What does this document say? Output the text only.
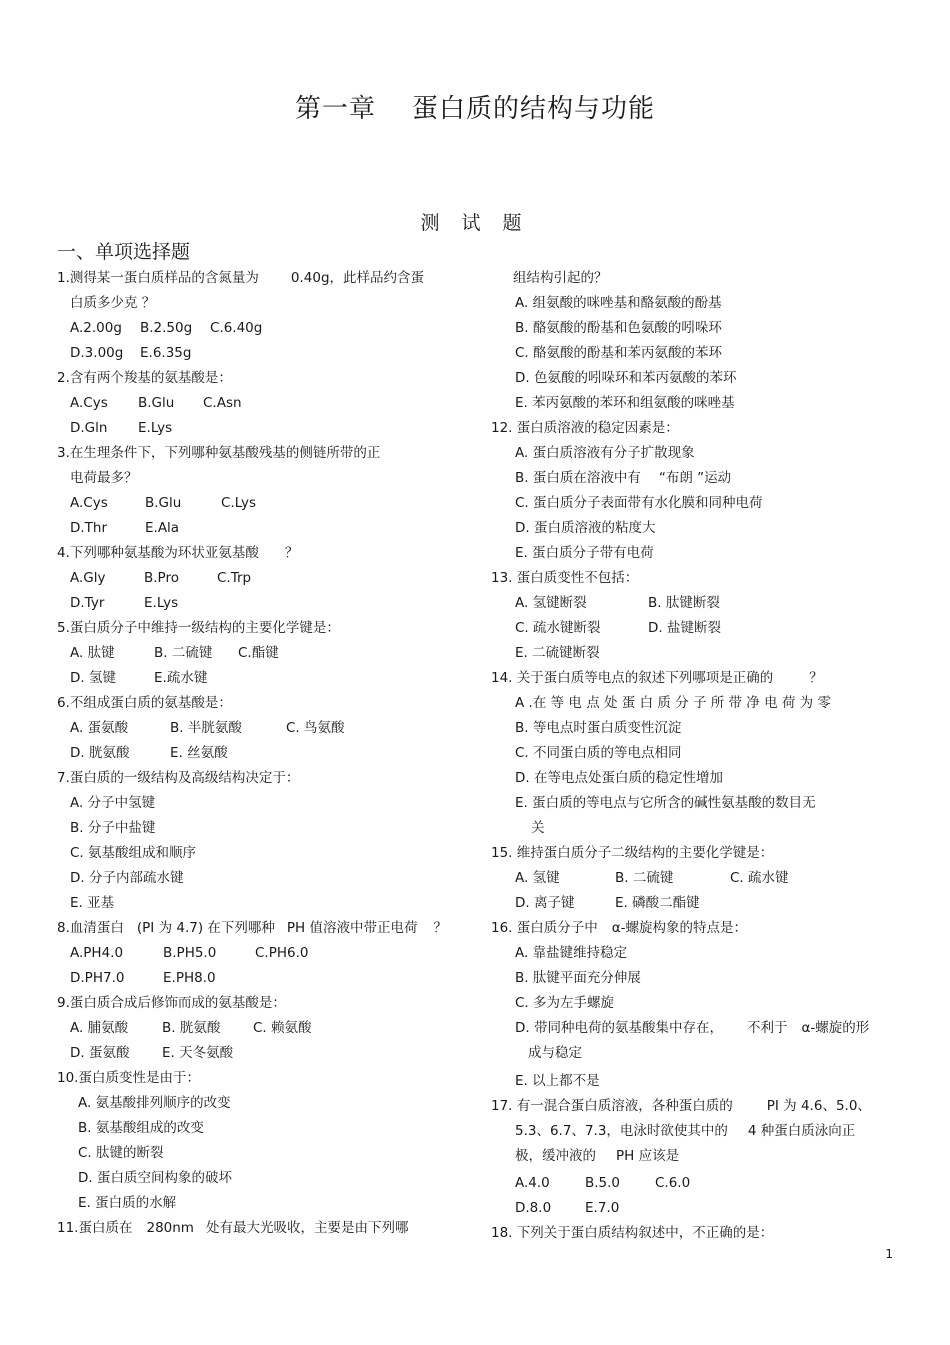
第一章 蛋白质的结构与功能
测 试 题
一、单项选择题
1.测得某一蛋白质样品的含氮量为 0.40g，此样品约含蛋
白质多少克 ？
A.2.00g B.2.50g C.6.40g
D.3.00g E.6.35g
2.含有两个羧基的氨基酸是：
A.Cys B.Glu C.Asn
D.Gln E.Lys
3.在生理条件下，下列哪种氨基酸残基的侧链所带的正
电荷最多？
A.Cys	B.Glu	C.Lys
D.Thr	E.Ala
4.下列哪种氨基酸为环状亚氨基酸 ？
A.Gly	B.Pro	C.Trp
D.Tyr	E.Lys
5.蛋白质分子中维持一级结构的主要化学键是：
A. 肽键	B. 二硫键 C.酯键
D. 氢键	E.疏水键
6.不组成蛋白质的氨基酸是：
A. 蛋氨酸	B. 半胱氨酸	C. 鸟氨酸
D. 胱氨酸	E. 丝氨酸
7.蛋白质的一级结构及高级结构决定于：
A. 分子中氢键
B. 分子中盐键
C. 氨基酸组成和顺序
D. 分子内部疏水键
E. 亚基
8.血清蛋白 (PI 为 4.7) 在下列哪种 PH 值溶液中带正电荷 ？
A.PH4.0	B.PH5.0	C.PH6.0
D.PH7.0	E.PH8.0
9.蛋白质合成后修饰而成的氨基酸是：
A. 脯氨酸	B. 胱氨酸 C. 赖氨酸
D. 蛋氨酸 E. 天冬氨酸
10.蛋白质变性是由于：
A. 氨基酸排列顺序的改变
B. 氨基酸组成的改变
C. 肽键的断裂
D. 蛋白质空间构象的破坏
E. 蛋白质的水解
11.蛋白质在 280nm 处有最大光吸收，主要是由下列哪
组结构引起的？
A. 组氨酸的咪唑基和酪氨酸的酚基
B. 酪氨酸的酚基和色氨酸的吲哚环
C. 酪氨酸的酚基和苯丙氨酸的苯环
D. 色氨酸的吲哚环和苯丙氨酸的苯环
E. 苯丙氨酸的苯环和组氨酸的咪唑基
12. 蛋白质溶液的稳定因素是：
A. 蛋白质溶液有分子扩散现象
B. 蛋白质在溶液中有 “布朗 ”运动
C. 蛋白质分子表面带有水化膜和同种电荷
D. 蛋白质溶液的粘度大
E. 蛋白质分子带有电荷
13. 蛋白质变性不包括：
A. 氢键断裂	B. 肽键断裂
C. 疏水键断裂	D. 盐键断裂
E. 二硫键断裂
14. 关于蛋白质等电点的叙述下列哪项是正确的	？
A .在 等 电 点 处 蛋 白 质 分 子 所 带 净 电 荷 为 零
B. 等电点时蛋白质变性沉淀
C. 不同蛋白质的等电点相同
D. 在等电点处蛋白质的稳定性增加
E. 蛋白质的等电点与它所含的碱性氨基酸的数目无
关
15. 维持蛋白质分子二级结构的主要化学键是：
A. 氢键	B. 二硫键	C. 疏水键
D. 离子键	E. 磷酸二酯键
16. 蛋白质分子中 α-螺旋构象的特点是：
A. 靠盐键维持稳定
B. 肽键平面充分伸展
C. 多为左手螺旋
D. 带同种电荷的氨基酸集中存在， 不利于 α-螺旋的形
成与稳定
E. 以上都不是
17. 有一混合蛋白质溶液，各种蛋白质的	PI 为 4.6、5.0、
5.3、6.7、7.3，电泳时欲使其中的 4 种蛋白质泳向正
极，缓冲液的 PH 应该是
A.4.0	B.5.0	C.6.0
D.8.0	E.7.0
18. 下列关于蛋白质结构叙述中，不正确的是：
1
